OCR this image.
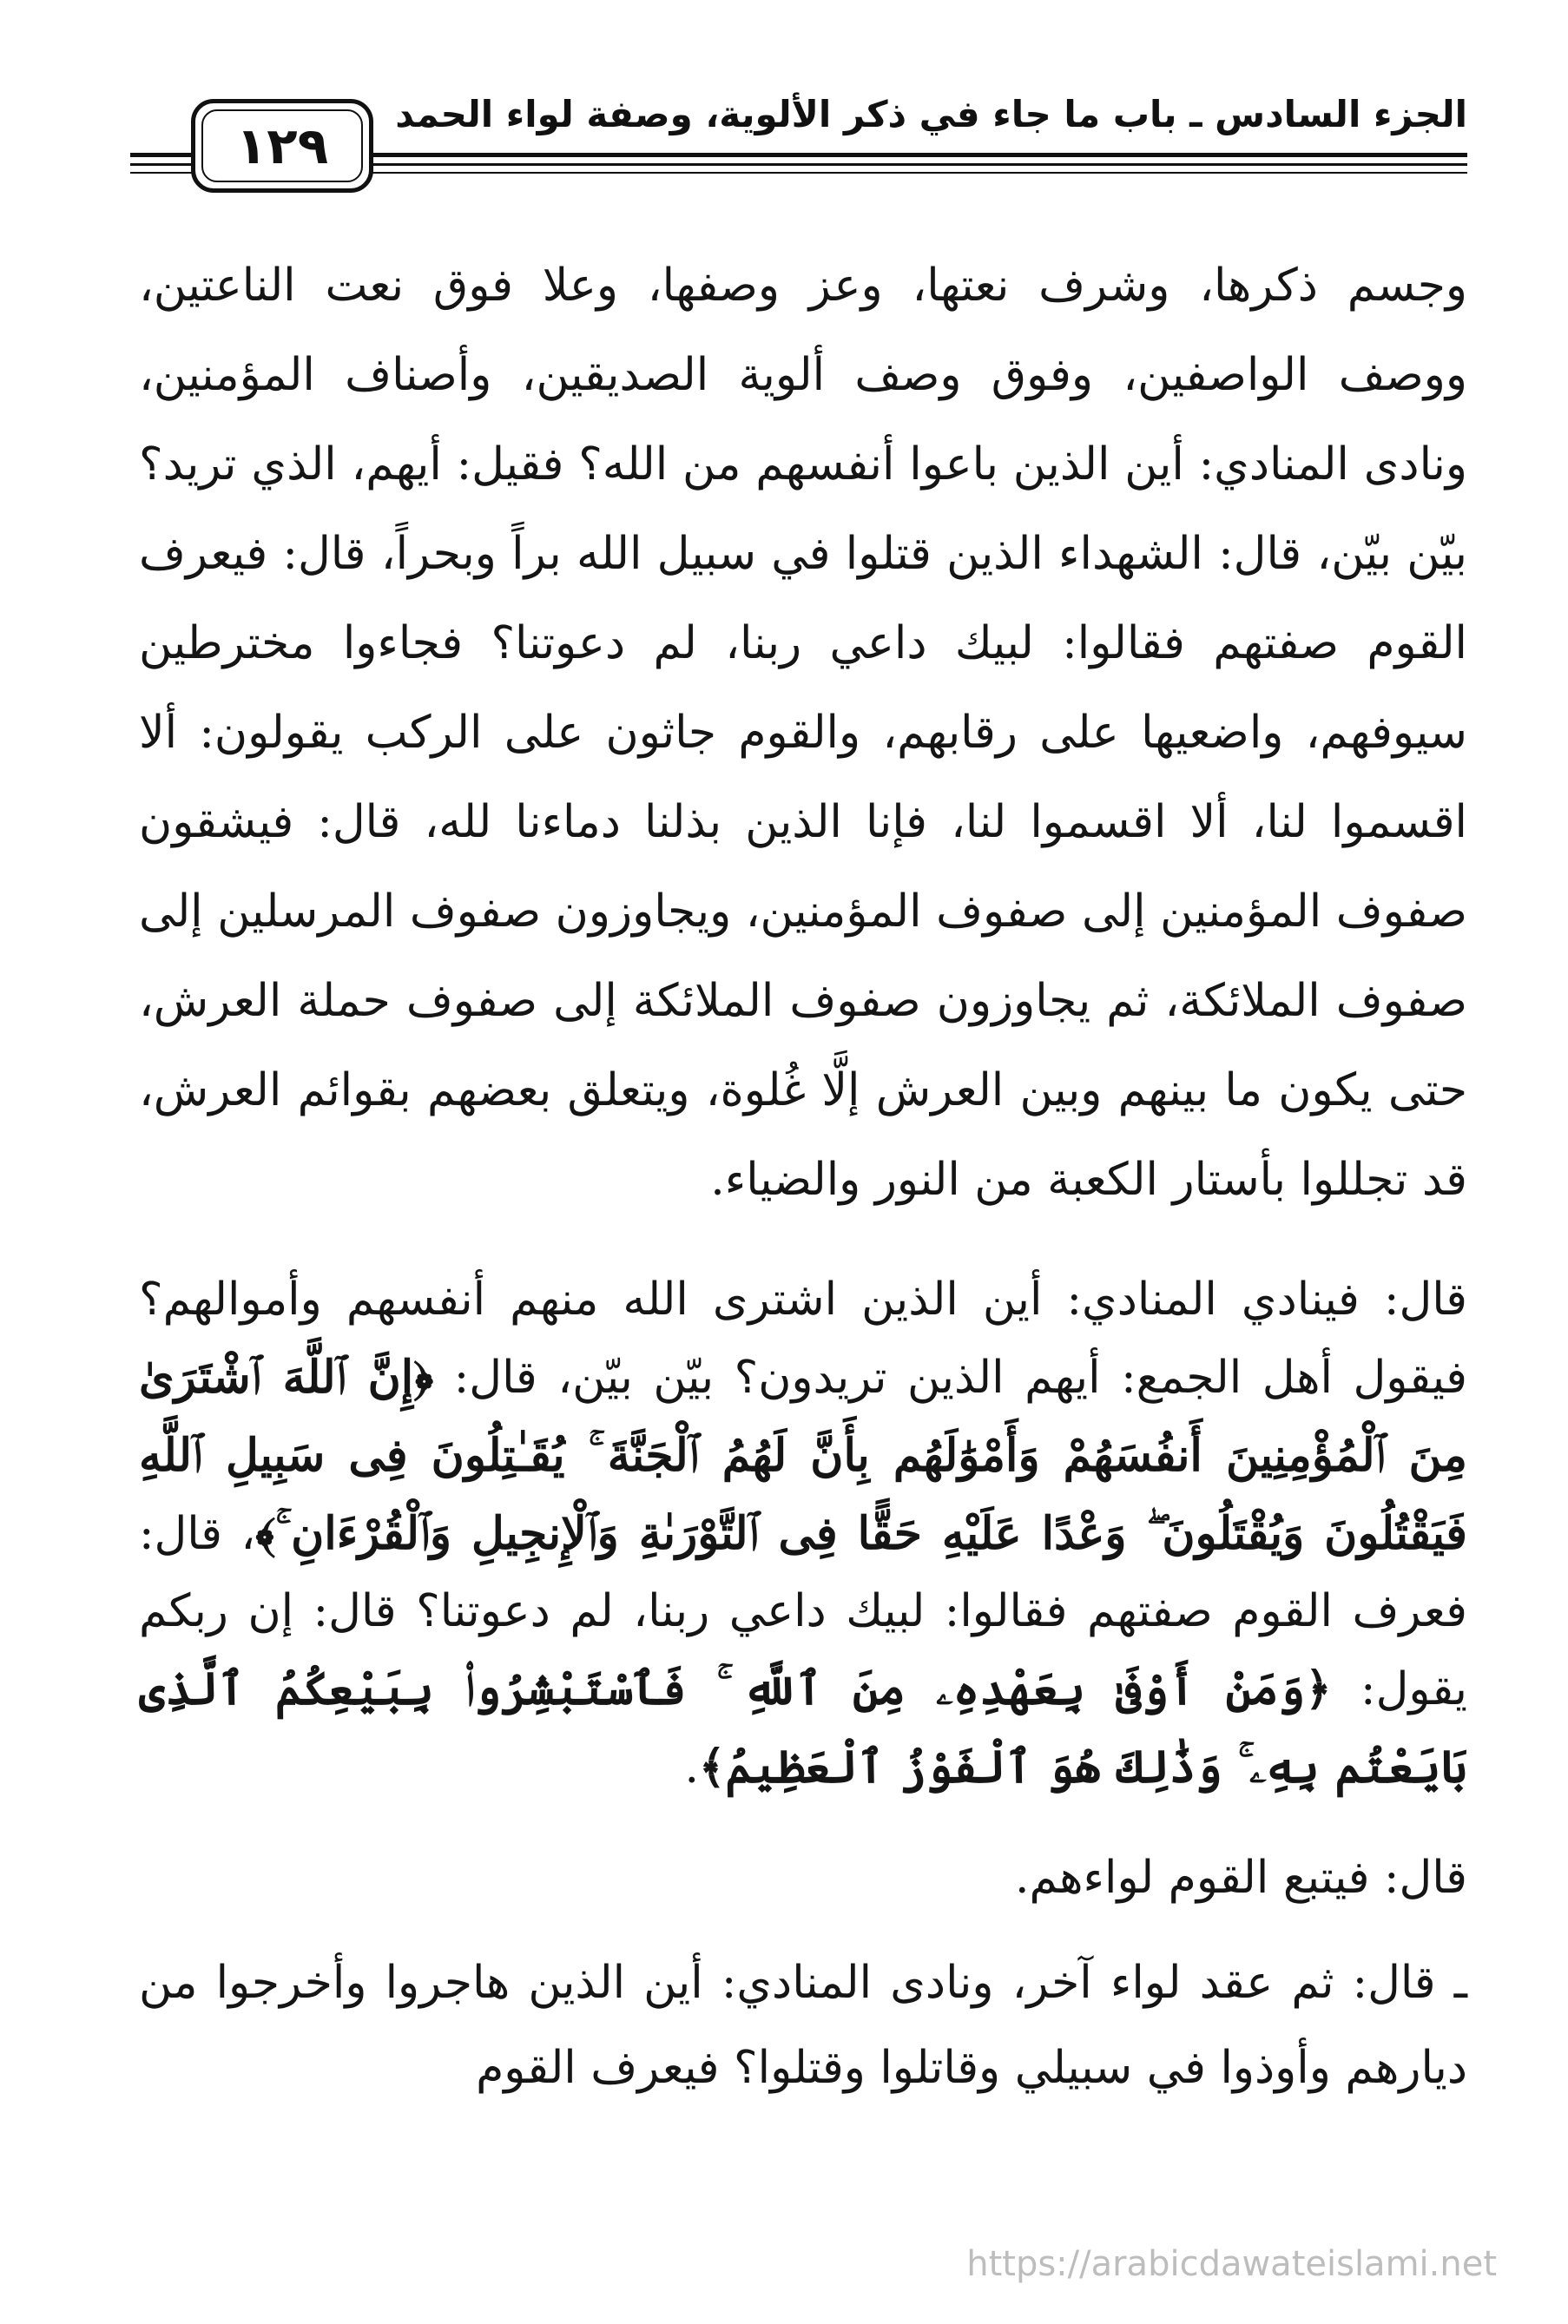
الجزء السادس ـ باب ما جاء في ذكر الألوية، وصفة لواء الحمد
١٢٩

وجسم ذكرها، وشرف نعتها، وعز وصفها، وعلا فوق نعت الناعتين، ووصف الواصفين، وفوق وصف ألوية الصديقين، وأصناف المؤمنين، ونادى المنادي: أين الذين باعوا أنفسهم من الله؟ فقيل: أيهم، الذي تريد؟ بيّن بيّن، قال: الشهداء الذين قتلوا في سبيل الله براً وبحراً، قال: فيعرف القوم صفتهم فقالوا: لبيك داعي ربنا، لم دعوتنا؟ فجاءوا مخترطين سيوفهم، واضعيها على رقابهم، والقوم جاثون على الركب يقولون: ألا اقسموا لنا، ألا اقسموا لنا، فإنا الذين بذلنا دماءنا لله، قال: فيشقون صفوف المؤمنين إلى صفوف المؤمنين، ويجاوزون صفوف المرسلين إلى صفوف الملائكة، ثم يجاوزون صفوف الملائكة إلى صفوف حملة العرش، حتى يكون ما بينهم وبين العرش إلَّا غُلوة، ويتعلق بعضهم بقوائم العرش، قد تجللوا بأستار الكعبة من النور والضياء.

قال: فينادي المنادي: أين الذين اشترى الله منهم أنفسهم وأموالهم؟ فيقول أهل الجمع: أيهم الذين تريدون؟ بيّن بيّن، قال: ﴿إِنَّ ٱللَّهَ ٱشْتَرَىٰ مِنَ ٱلْمُؤْمِنِينَ أَنفُسَهُمْ وَأَمْوَٰلَهُم بِأَنَّ لَهُمُ ٱلْجَنَّةَ ۚ يُقَـٰتِلُونَ فِى سَبِيلِ ٱللَّهِ فَيَقْتُلُونَ وَيُقْتَلُونَ ۖ وَعْدًا عَلَيْهِ حَقًّا فِى ٱلتَّوْرَىٰةِ وَٱلْإِنجِيلِ وَٱلْقُرْءَانِ ۚ﴾، قال: فعرف القوم صفتهم فقالوا: لبيك داعي ربنا، لم دعوتنا؟ قال: إن ربكم يقول: ﴿وَمَنْ أَوْفَىٰ بِعَهْدِهِۦ مِنَ ٱللَّهِ ۚ فَٱسْتَبْشِرُوا۟ بِبَيْعِكُمُ ٱلَّذِى بَايَعْتُم بِهِۦ ۚ وَذَٰلِكَ هُوَ ٱلْفَوْزُ ٱلْعَظِيمُ﴾.

قال: فيتبع القوم لواءهم.

ـ قال: ثم عقد لواء آخر، ونادى المنادي: أين الذين هاجروا وأخرجوا من ديارهم وأوذوا في سبيلي وقاتلوا وقتلوا؟ فيعرف القوم

https://arabicdawateislami.net
